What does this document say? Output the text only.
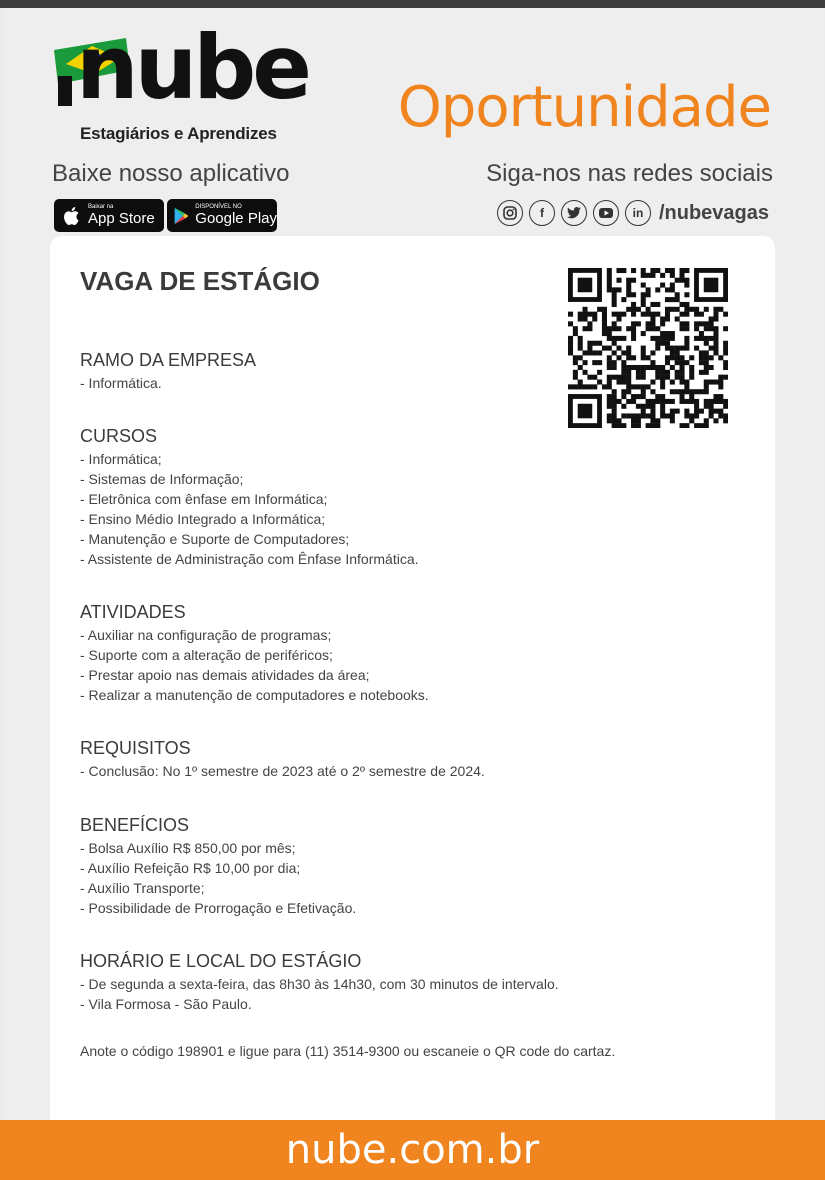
nube
Estagiários e Aprendizes Oportunidade
Baixe nosso aplicativo	Siga-nos nas redes sociais
Baixar na
App Store
DISPONÍVEL NO
Google Play	f	in /nubevagas
VAGA DE ESTÁGIO
RAMO DA EMPRESA
- Informática.
CURSOS
- Informática;
- Sistemas de Informação;
- Eletrônica com ênfase em Informática;
- Ensino Médio Integrado a Informática;
- Manutenção e Suporte de Computadores;
- Assistente de Administração com Ênfase Informática.
ATIVIDADES
- Auxiliar na configuração de programas;
- Suporte com a alteração de periféricos;
- Prestar apoio nas demais atividades da área;
- Realizar a manutenção de computadores e notebooks.
REQUISITOS
- Conclusão: No 1º semestre de 2023 até o 2º semestre de 2024.
BENEFÍCIOS
- Bolsa Auxílio R$ 850,00 por mês;
- Auxílio Refeição R$ 10,00 por dia;
- Auxílio Transporte;
- Possibilidade de Prorrogação e Efetivação.
HORÁRIO E LOCAL DO ESTÁGIO
- De segunda a sexta-feira, das 8h30 às 14h30, com 30 minutos de intervalo.
- Vila Formosa - São Paulo.
Anote o código 198901 e ligue para (11) 3514-9300 ou escaneie o QR code do cartaz.
nube.com.br
